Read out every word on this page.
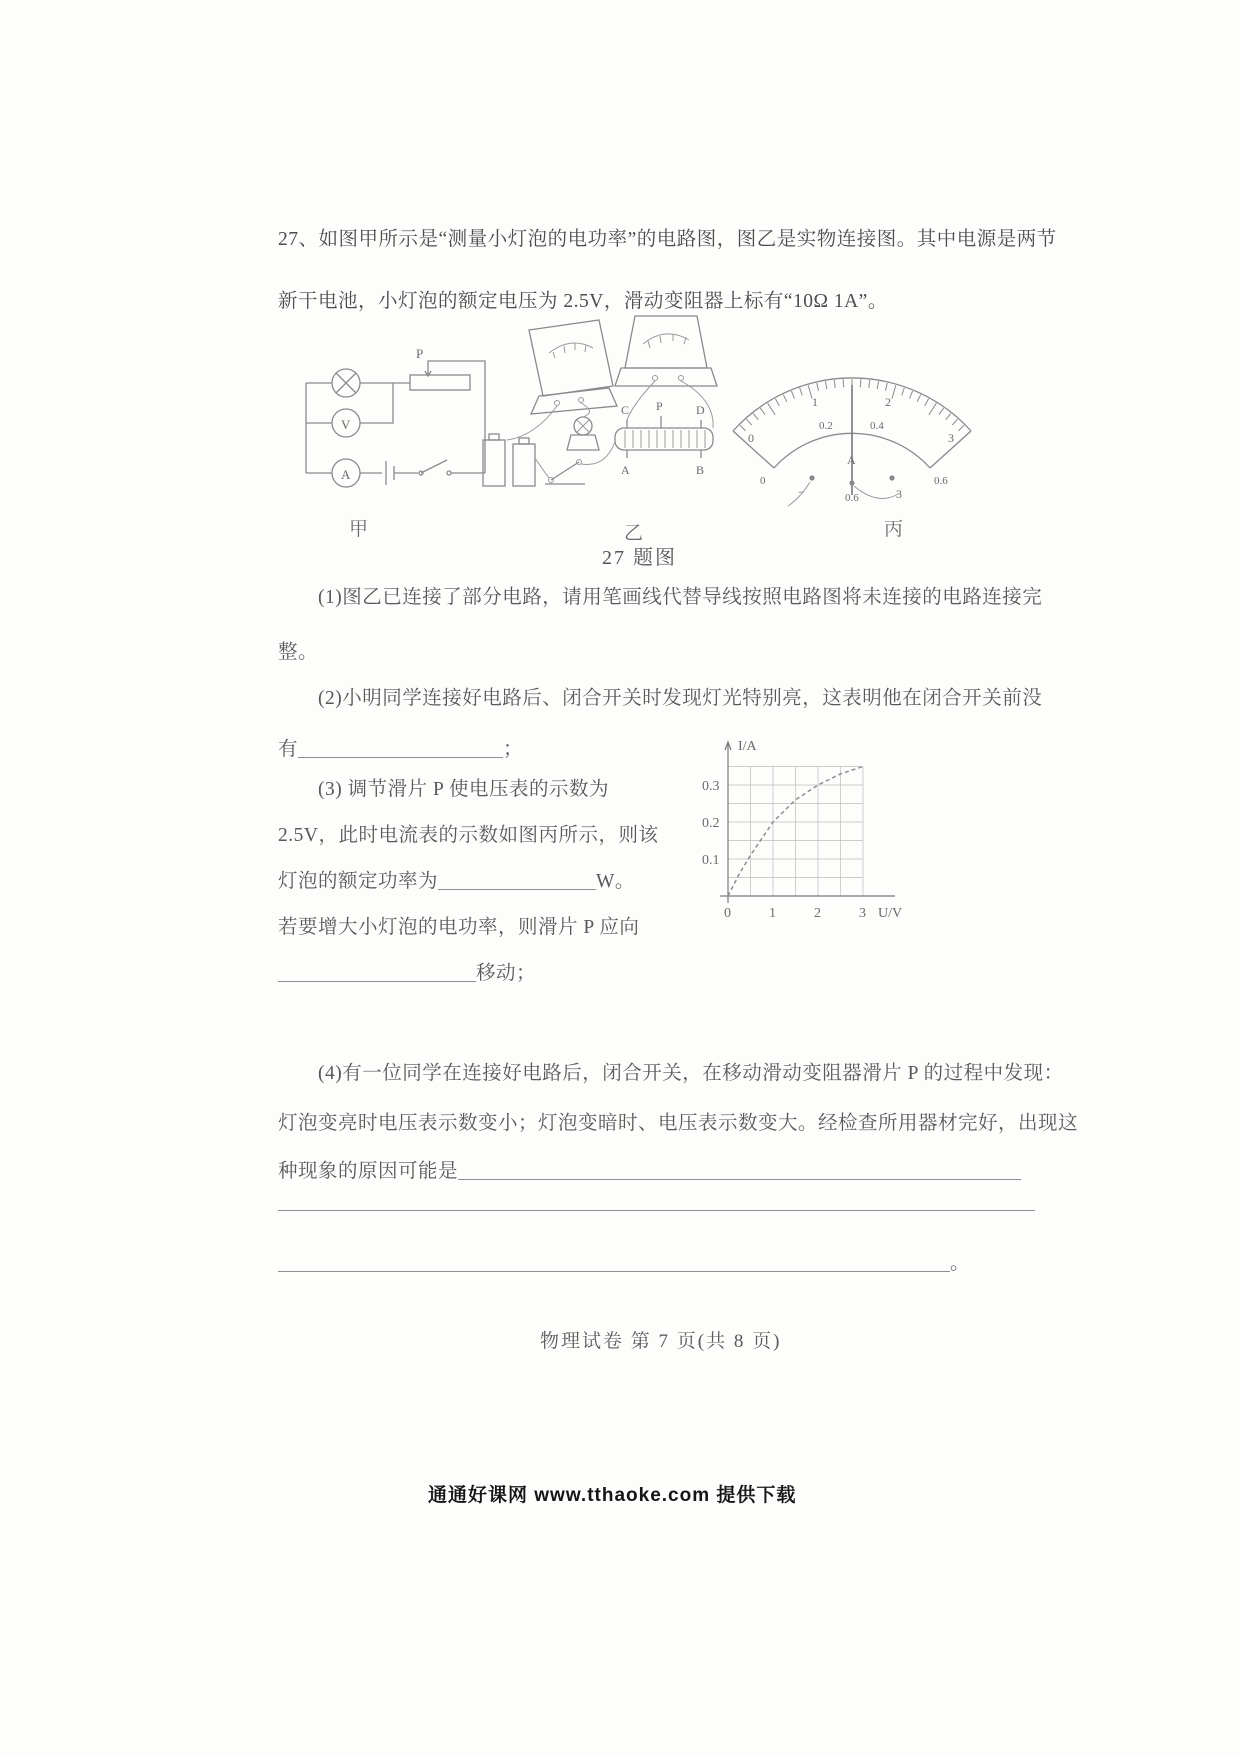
27、如图甲所示是“测量小灯泡的电功率”的电路图，图乙是实物连接图。其中电源是两节
新干电池，小灯泡的额定电压为 2.5V，滑动变阻器上标有“10Ω 1A”。
P
V
A
甲
C P	D
A	B
乙
0
1	2
3
0.2	0.4
0	0.6
A
−	0.6	3
丙
27 题图
(1)图乙已连接了部分电路，请用笔画线代替导线按照电路图将未连接的电路连接完
整。
(2)小明同学连接好电路后、闭合开关时发现灯光特别亮，这表明他在闭合开关前没
有	；	I/A
U/V
0.3
0.2
0.1
0	1	2	3
(3) 调节滑片 P 使电压表的示数为
2.5V，此时电流表的示数如图丙所示，则该
灯泡的额定功率为	W。
若要增大小灯泡的电功率，则滑片 P 应向
移动；
(4)有一位同学在连接好电路后，闭合开关，在移动滑动变阻器滑片 P 的过程中发现：
灯泡变亮时电压表示数变小；灯泡变暗时、电压表示数变大。经检查所用器材完好，出现这
种现象的原因可能是
。
物理试卷 第 7 页(共 8 页)
通通好课网 www.tthaoke.com 提供下载
